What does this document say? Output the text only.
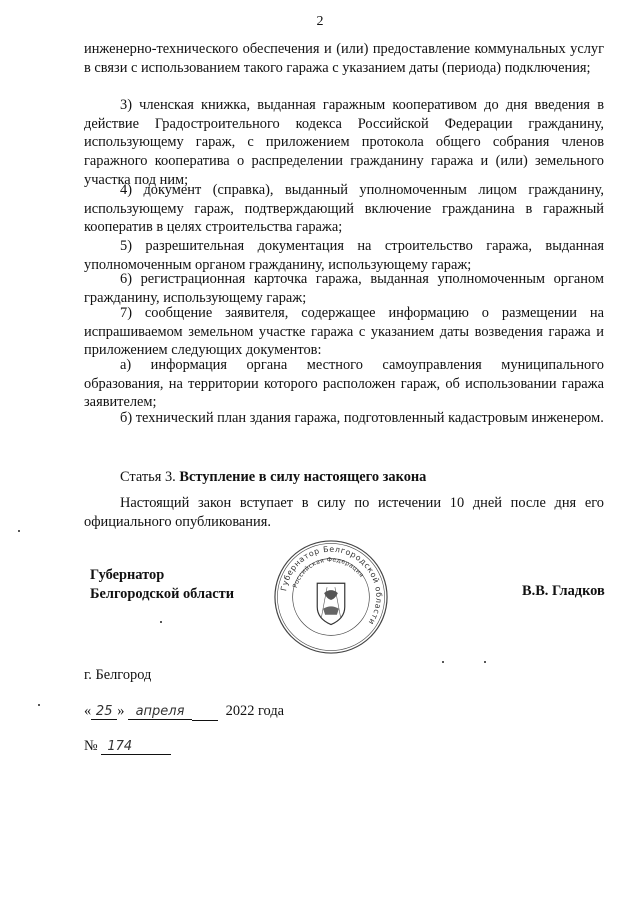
2

инженерно-технического обеспечения и (или) предоставление коммунальных услуг в связи с использованием такого гаража с указанием даты (периода) подключения;

3) членская книжка, выданная гаражным кооперативом до дня введения в действие Градостроительного кодекса Российской Федерации гражданину, использующему гараж, с приложением протокола общего собрания членов гаражного кооператива о распределении гражданину гаража и (или) земельного участка под ним;

4) документ (справка), выданный уполномоченным лицом гражданину, использующему гараж, подтверждающий включение гражданина в гаражный кооператив в целях строительства гаража;

5) разрешительная документация на строительство гаража, выданная уполномоченным органом гражданину, использующему гараж;

6) регистрационная карточка гаража, выданная уполномоченным органом гражданину, использующему гараж;

7) сообщение заявителя, содержащее информацию о размещении на испрашиваемом земельном участке гаража с указанием даты возведения гаража и приложением следующих документов:

а) информация органа местного самоуправления муниципального образования, на территории которого расположен гараж, об использовании гаража заявителем;

б) технический план здания гаража, подготовленный кадастровым инженером.

Статья 3. Вступление в силу настоящего закона

Настоящий закон вступает в силу по истечении 10 дней после дня его официального опубликования.

Губернатор
Белгородской области	Губернатор Белгородской области
Российская Федерация
В.В. Гладков
г. Белгород
« 25 » апреля	2022 года
№ 174
